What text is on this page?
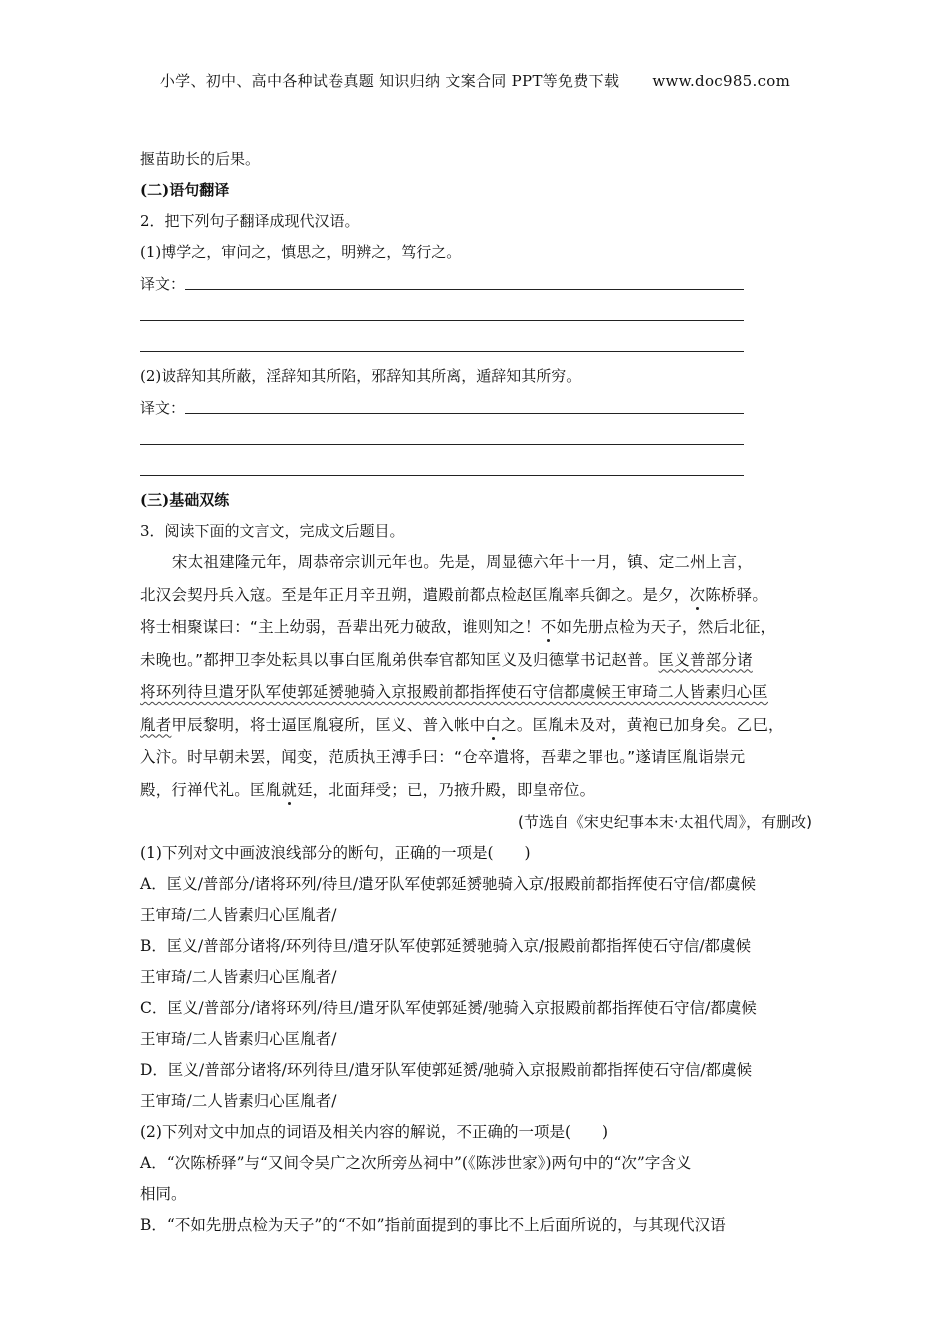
小学、初中、高中各种试卷真题 知识归纳 文案合同 PPT等免费下载 www.doc985.com
揠苗助长的后果。
(二)语句翻译
2．把下列句子翻译成现代汉语。
(1)博学之，审问之，慎思之，明辨之，笃行之。
译文：
(2)诐辞知其所蔽，淫辞知其所陷，邪辞知其所离，遁辞知其所穷。
译文：
(三)基础双练
3．阅读下面的文言文，完成文后题目。
宋太祖建隆元年，周恭帝宗训元年也。先是，周显德六年十一月，镇、定二州上言，
北汉会契丹兵入寇。至是年正月辛丑朔，遣殿前都点检赵匡胤率兵御之。是夕，次陈桥驿。
将士相聚谋曰：“主上幼弱，吾辈出死力破敌，谁则知之！不如先册点检为天子，然后北征，
未晚也。”都押卫李处耘具以事白匡胤弟供奉官都知匡义及归德掌书记赵普。匡义普部分诸
将环列待旦遣牙队军使郭延赟驰骑入京报殿前都指挥使石守信都虞候王审琦二人皆素归心匡
胤者甲辰黎明，将士逼匡胤寝所，匡义、普入帐中白之。匡胤未及对，黄袍已加身矣。乙巳，
入汴。时早朝未罢，闻变，范质执王溥手曰：“仓卒遣将，吾辈之罪也。”遂请匡胤诣崇元
殿，行禅代礼。匡胤就廷，北面拜受；已，乃掖升殿，即皇帝位。
(节选自《宋史纪事本末·太祖代周》，有删改)
(1)下列对文中画波浪线部分的断句，正确的一项是(　　)
A．匡义/普部分/诸将环列/待旦/遣牙队军使郭延赟驰骑入京/报殿前都指挥使石守信/都虞候
王审琦/二人皆素归心匡胤者/
B．匡义/普部分诸将/环列待旦/遣牙队军使郭延赟驰骑入京/报殿前都指挥使石守信/都虞候
王审琦/二人皆素归心匡胤者/
C．匡义/普部分/诸将环列/待旦/遣牙队军使郭延赟/驰骑入京报殿前都指挥使石守信/都虞候
王审琦/二人皆素归心匡胤者/
D．匡义/普部分诸将/环列待旦/遣牙队军使郭延赟/驰骑入京报殿前都指挥使石守信/都虞候
王审琦/二人皆素归心匡胤者/
(2)下列对文中加点的词语及相关内容的解说，不正确的一项是(　　)
A．“次陈桥驿”与“又间令吴广之次所旁丛祠中”(《陈涉世家》)两句中的“次”字含义
相同。
B．“不如先册点检为天子”的“不如”指前面提到的事比不上后面所说的，与其现代汉语
